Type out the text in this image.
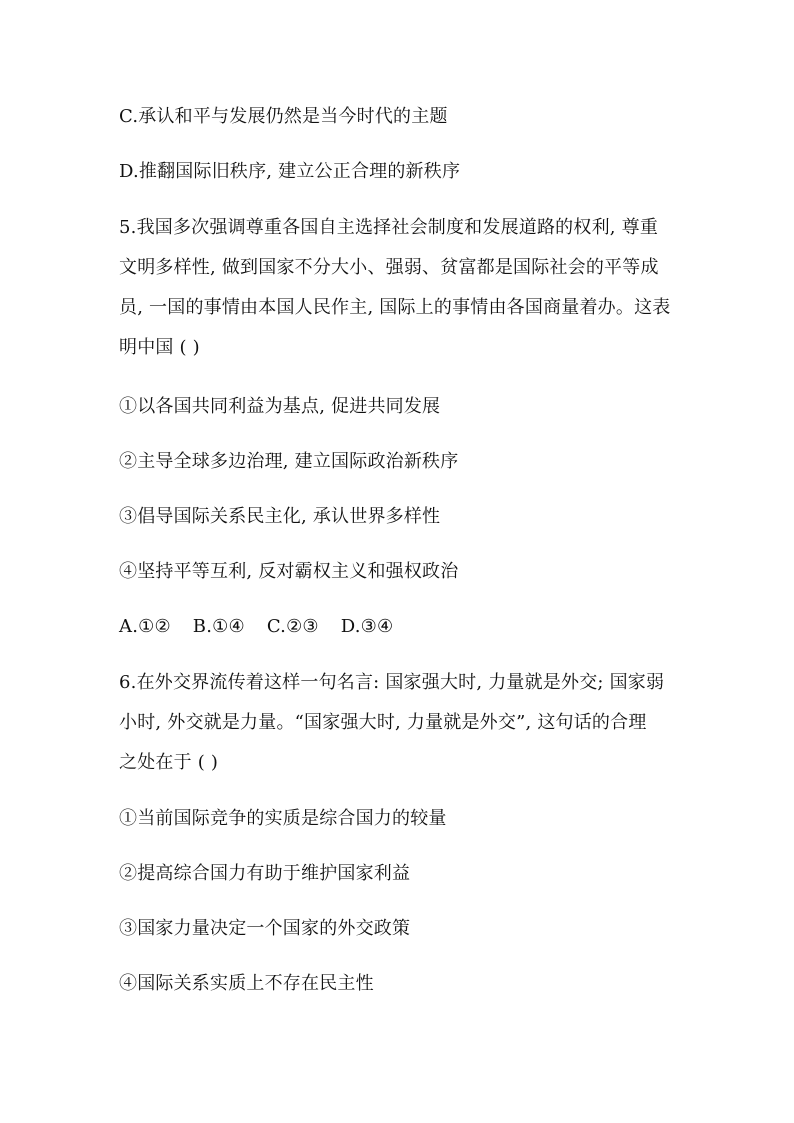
C.承认和平与发展仍然是当今时代的主题
D.推翻国际旧秩序, 建立公正合理的新秩序
5.我国多次强调尊重各国自主选择社会制度和发展道路的权利, 尊重
文明多样性, 做到国家不分大小、强弱、贫富都是国际社会的平等成
员, 一国的事情由本国人民作主, 国际上的事情由各国商量着办。这表
明中国 ( )
①以各国共同利益为基点, 促进共同发展
②主导全球多边治理, 建立国际政治新秩序
③倡导国际关系民主化, 承认世界多样性
④坚持平等互利, 反对霸权主义和强权政治
A.①② B.①④ C.②③ D.③④
6.在外交界流传着这样一句名言: 国家强大时, 力量就是外交; 国家弱
小时, 外交就是力量。“国家强大时, 力量就是外交”, 这句话的合理
之处在于 ( )
①当前国际竞争的实质是综合国力的较量
②提高综合国力有助于维护国家利益
③国家力量决定一个国家的外交政策
④国际关系实质上不存在民主性
